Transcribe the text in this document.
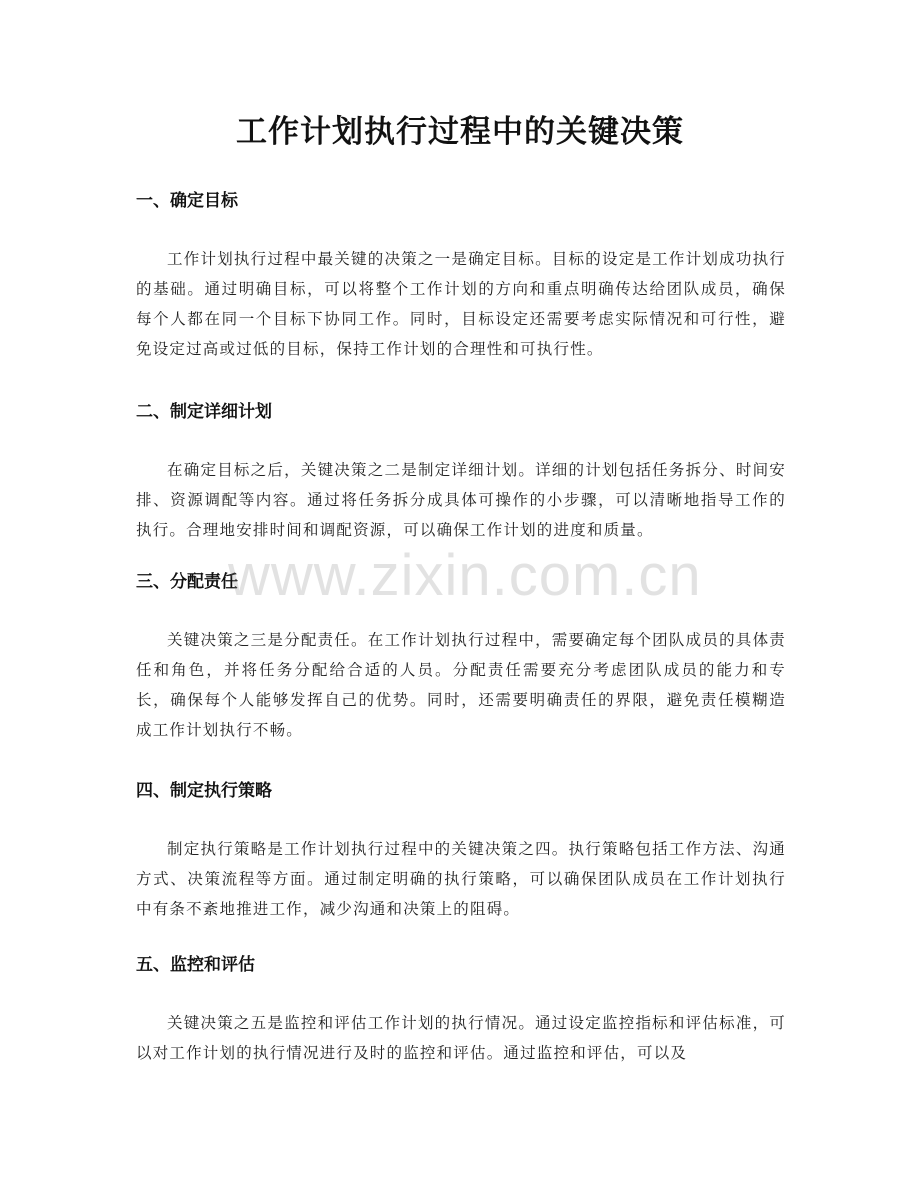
工作计划执行过程中的关键决策
一、确定目标

工作计划执行过程中最关键的决策之一是确定目标。目标的设定是工作计划成功执行的基础。通过明确目标，可以将整个工作计划的方向和重点明确传达给团队成员，确保每个人都在同一个目标下协同工作。同时，目标设定还需要考虑实际情况和可行性，避免设定过高或过低的目标，保持工作计划的合理性和可执行性。

二、制定详细计划

在确定目标之后，关键决策之二是制定详细计划。详细的计划包括任务拆分、时间安排、资源调配等内容。通过将任务拆分成具体可操作的小步骤，可以清晰地指导工作的执行。合理地安排时间和调配资源，可以确保工作计划的进度和质量。

三、分配责任

关键决策之三是分配责任。在工作计划执行过程中，需要确定每个团队成员的具体责任和角色，并将任务分配给合适的人员。分配责任需要充分考虑团队成员的能力和专长，确保每个人能够发挥自己的优势。同时，还需要明确责任的界限，避免责任模糊造成工作计划执行不畅。

四、制定执行策略

制定执行策略是工作计划执行过程中的关键决策之四。执行策略包括工作方法、沟通方式、决策流程等方面。通过制定明确的执行策略，可以确保团队成员在工作计划执行中有条不紊地推进工作，减少沟通和决策上的阻碍。

五、监控和评估

关键决策之五是监控和评估工作计划的执行情况。通过设定监控指标和评估标准，可以对工作计划的执行情况进行及时的监控和评估。通过监控和评估，可以及

www.zixin.com.cn
